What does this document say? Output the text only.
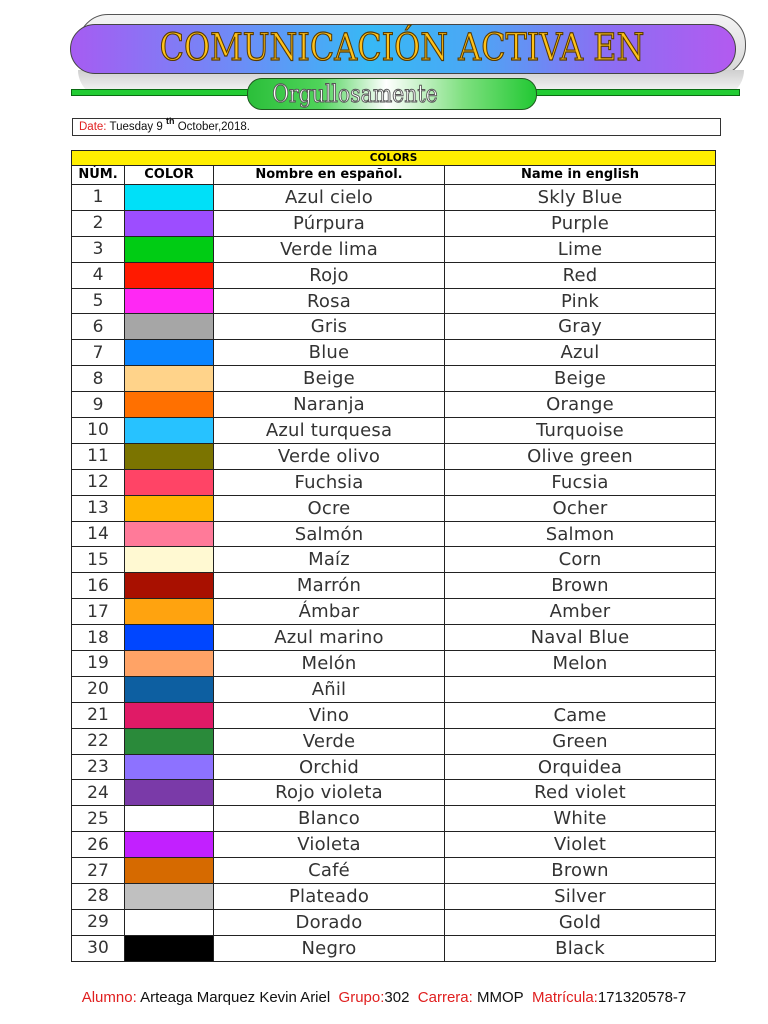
COMUNICACIÓN ACTIVA EN
Orgullosamente
Date: Tuesday 9 $^{th}$ October,2018.
COLORS			
NÚM.	COLOR	Nombre en español.	Name in english
1		Azul cielo	Skly Blue
2		Púrpura	Purple
3		Verde lima	Lime
4		Rojo	Red
5		Rosa	Pink
6		Gris	Gray
7		Blue	Azul
8		Beige	Beige
9		Naranja	Orange
10		Azul turquesa	Turquoise
11		Verde olivo	Olive green
12		Fuchsia	Fucsia
13		Ocre	Ocher
14		Salmón	Salmon
15		Maíz	Corn
16		Marrón	Brown
17		Ámbar	Amber
18		Azul marino	Naval Blue
19		Melón	Melon
20		Añil	
21		Vino	Came
22		Verde	Green
23		Orchid	Orquidea
24		Rojo violeta	Red violet
25		Blanco	White
26		Violeta	Violet
27		Café	Brown
28		Plateado	Silver
29		Dorado	Gold
30		Negro	Black
Alumno: Arteaga Marquez Kevin Ariel Grupo:302 Carrera: MMOP Matrícula:171320578-7
